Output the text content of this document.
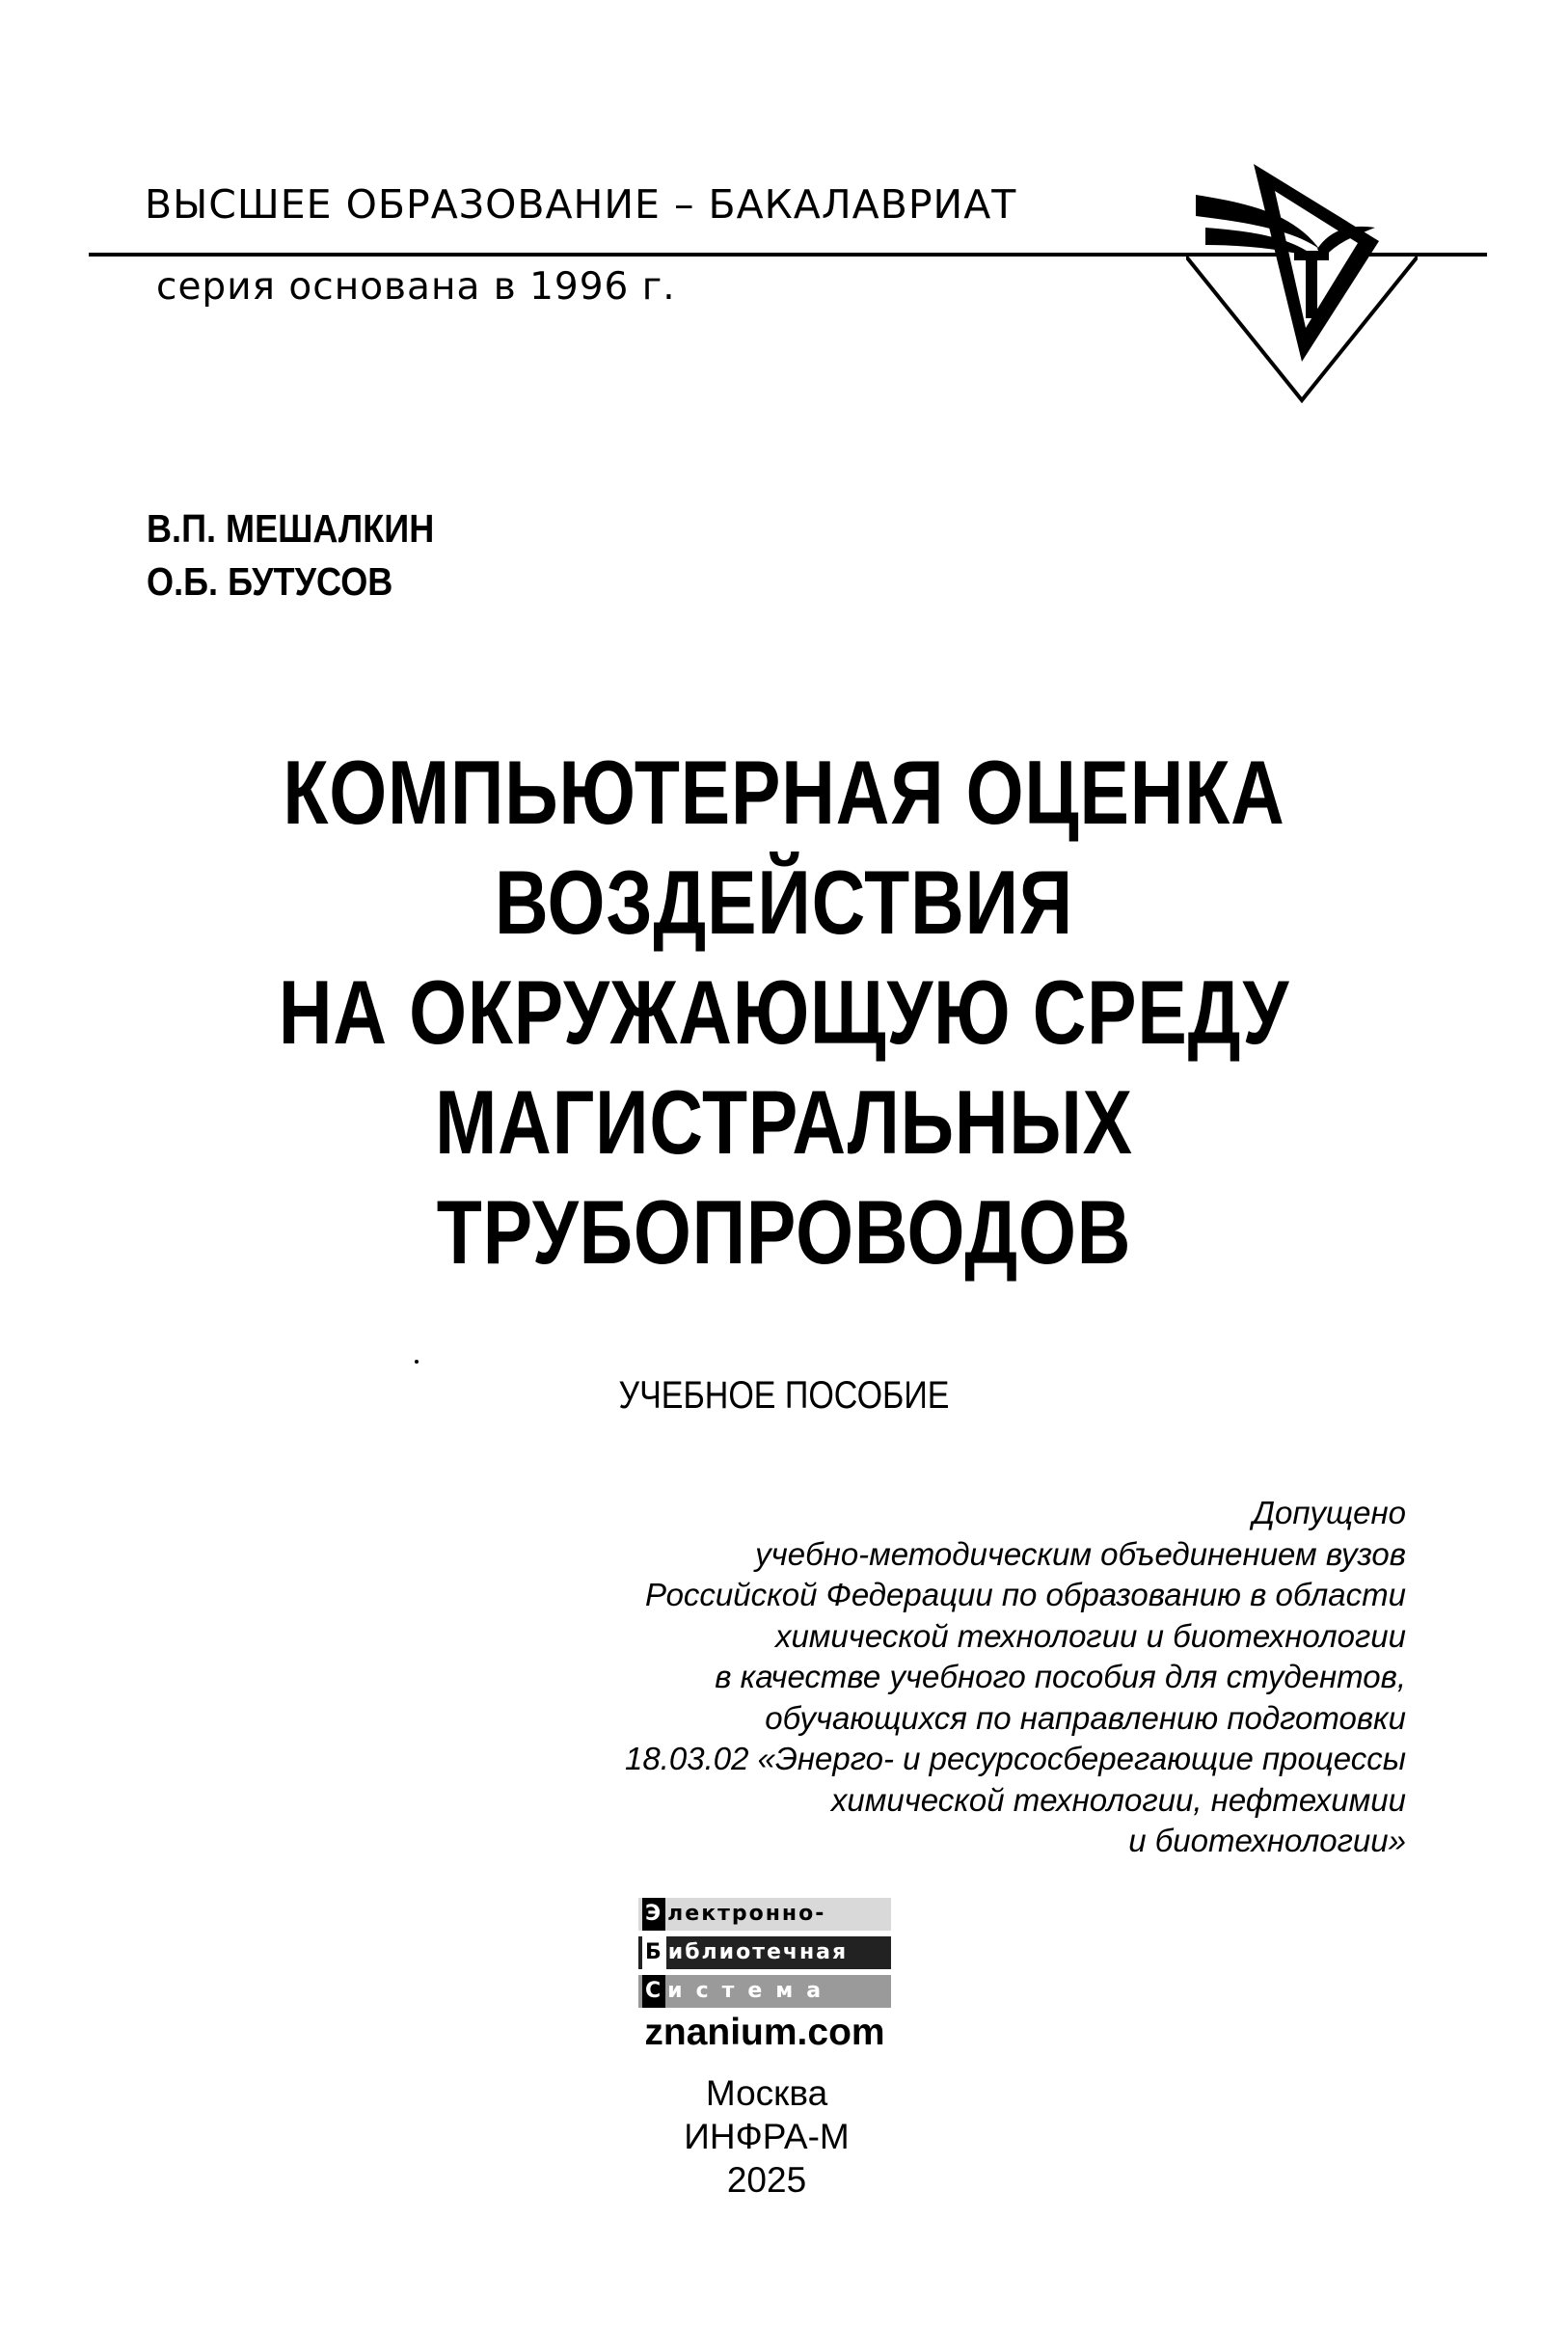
ВЫСШЕЕ ОБРАЗОВАНИЕ – БАКАЛАВРИАТ
серия основана в 1996 г.
В.П. МЕШАЛКИН
О.Б. БУТУСОВ
КОМПЬЮТЕРНАЯ ОЦЕНКА
ВОЗДЕЙСТВИЯ
НА ОКРУЖАЮЩУЮ СРЕДУ
МАГИСТРАЛЬНЫХ
ТРУБОПРОВОДОВ
УЧЕБНОЕ ПОСОБИЕ
Допущено
учебно-методическим объединением вузов
Российской Федерации по образованию в области
химической технологии и биотехнологии
в качестве учебного пособия для студентов,
обучающихся по направлению подготовки
18.03.02 «Энерго- и ресурсосберегающие процессы
химической технологии, нефтехимии
и биотехнологии»
Э лектронно-
Б иблиотечная
С истема
znanium.com
Москва
ИНФРА-М
2025
